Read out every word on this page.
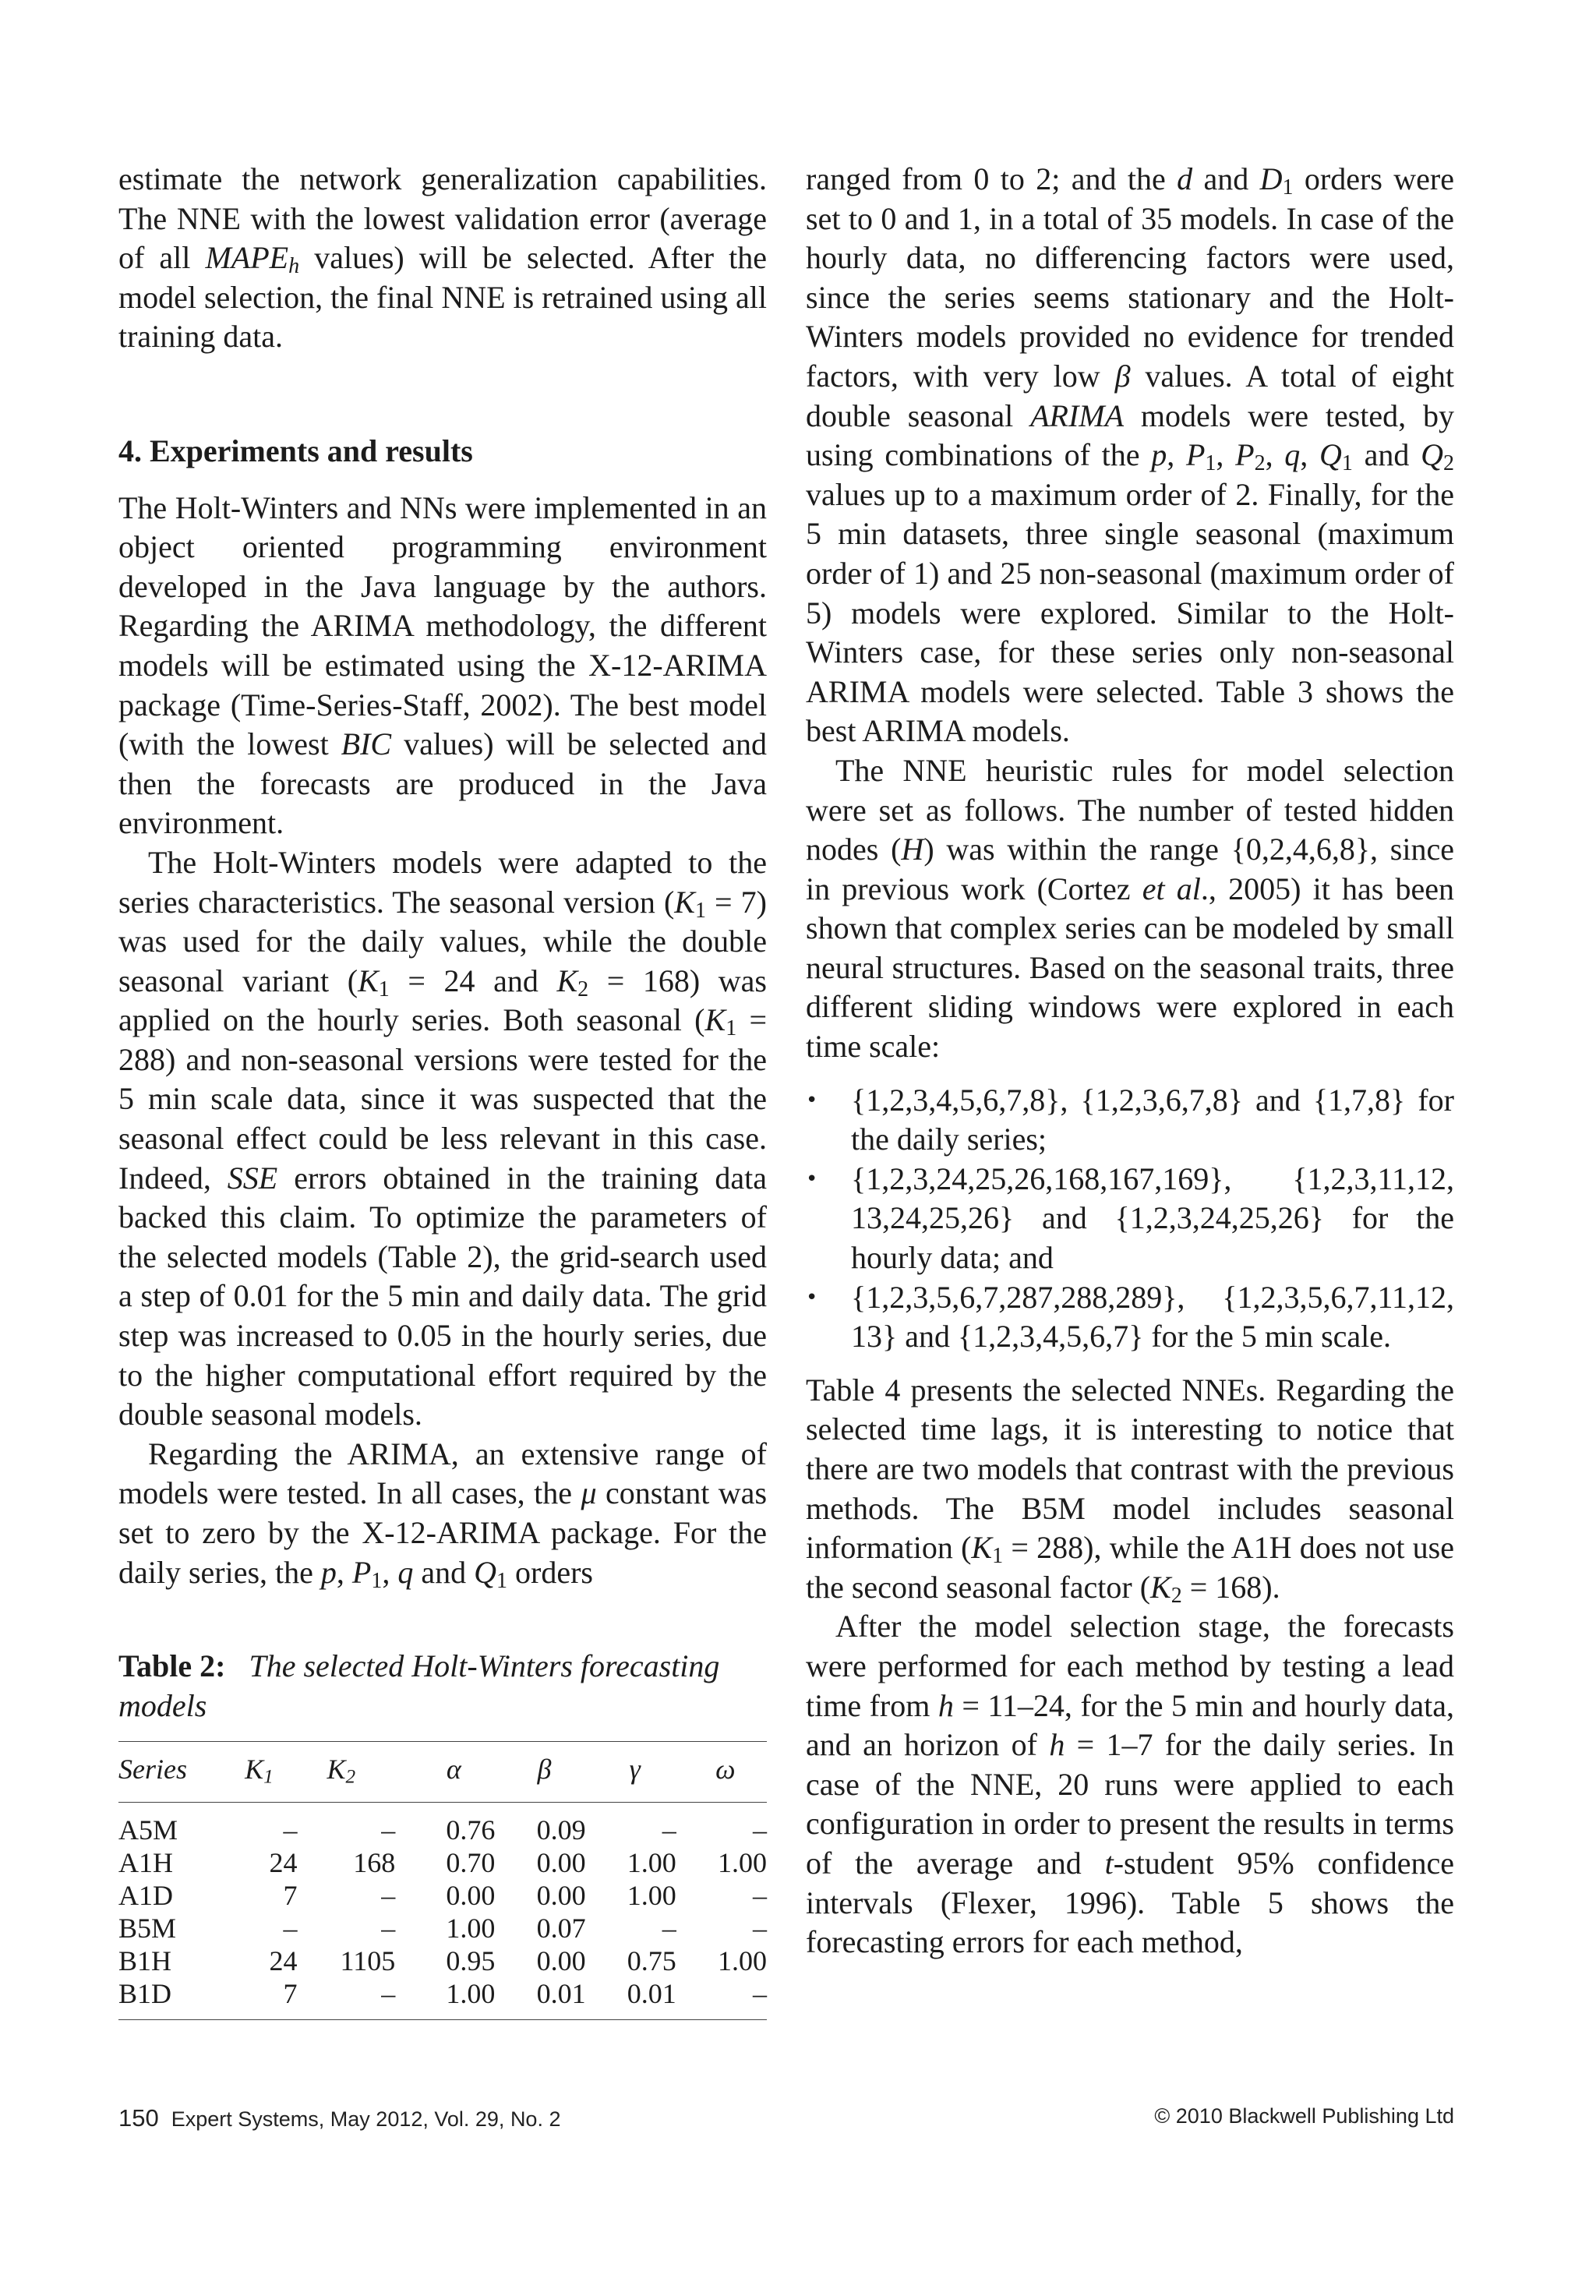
estimate the network generalization capabilities. The NNE with the lowest validation error (average of all $MAPE_h$ values) will be selected. After the model selection, the final NNE is retrained using all training data.

4. Experiments and results

The Holt-Winters and NNs were implemented in an object oriented programming environment developed in the Java language by the authors. Regarding the ARIMA methodology, the different models will be estimated using the X-12-ARIMA package (Time-Series-Staff, 2002). The best model (with the lowest BIC values) will be selected and then the forecasts are produced in the Java environment.

The Holt-Winters models were adapted to the series characteristics. The seasonal version $(K_1 = 7)$ was used for the daily values, while the double seasonal variant ($K_1 = 24$ and $K_2 = 168$) was applied on the hourly series. Both seasonal $(K_1 = 288)$ and non-seasonal versions were tested for the 5 min scale data, since it was suspected that the seasonal effect could be less relevant in this case. Indeed, SSE errors obtained in the training data backed this claim. To optimize the parameters of the selected models (Table 2), the grid-search used a step of 0.01 for the 5 min and daily data. The grid step was increased to 0.05 in the hourly series, due to the higher computational effort required by the double seasonal models.

Regarding the ARIMA, an extensive range of models were tested. In all cases, the μ constant was set to zero by the X-12-ARIMA package. For the daily series, the p, $P_1$, q and $Q_1$ orders

Table 2: The selected Holt-Winters forecasting models
Series	$K_1$	$K_2$	α	β	γ	ω
A5M	–	–	0.76	0.09	–	–
A1H	24	168	0.70	0.00	1.00	1.00
A1D	7	–	0.00	0.00	1.00	–
B5M	–	–	1.00	0.07	–	–
B1H	24	1105	0.95	0.00	0.75	1.00
B1D	7	–	1.00	0.01	0.01	–

ranged from 0 to 2; and the d and $D_1$ orders were set to 0 and 1, in a total of 35 models. In case of the hourly data, no differencing factors were used, since the series seems stationary and the Holt-Winters models provided no evidence for trended factors, with very low β values. A total of eight double seasonal ARIMA models were tested, by using combinations of the p, $P_1$, $P_2$, q, $Q_1$ and $Q_2$ values up to a maximum order of 2. Finally, for the 5 min datasets, three single seasonal (maximum order of 1) and 25 non-seasonal (maximum order of 5) models were explored. Similar to the Holt-Winters case, for these series only non-seasonal ARIMA models were selected. Table 3 shows the best ARIMA models.

The NNE heuristic rules for model selection were set as follows. The number of tested hidden nodes (H) was within the range {0,2,4,6,8}, since in previous work (Cortez et al., 2005) it has been shown that complex series can be modeled by small neural structures. Based on the seasonal traits, three different sliding windows were explored in each time scale:

•	{1,2,3,4,5,6,7,8}, {1,2,3,6,7,8} and {1,7,8} for the daily series;
•	{1,2,3,24,25,26,168,167,169}, {1,2,3,11,12, 13,24,25,26} and {1,2,3,24,25,26} for the hourly data; and
•	{1,2,3,5,6,7,287,288,289}, {1,2,3,5,6,7,11,12, 13} and {1,2,3,4,5,6,7} for the 5 min scale.

Table 4 presents the selected NNEs. Regarding the selected time lags, it is interesting to notice that there are two models that contrast with the previous methods. The B5M model includes seasonal information $(K_1 = 288)$, while the A1H does not use the second seasonal factor $(K_2 = 168)$.

After the model selection stage, the forecasts were performed for each method by testing a lead time from h = 11–24, for the 5 min and hourly data, and an horizon of h = 1–7 for the daily series. In case of the NNE, 20 runs were applied to each configuration in order to present the results in terms of the average and t-student 95% confidence intervals (Flexer, 1996). Table 5 shows the forecasting errors for each method,

150 Expert Systems, May 2012, Vol. 29, No. 2	© 2010 Blackwell Publishing Ltd
